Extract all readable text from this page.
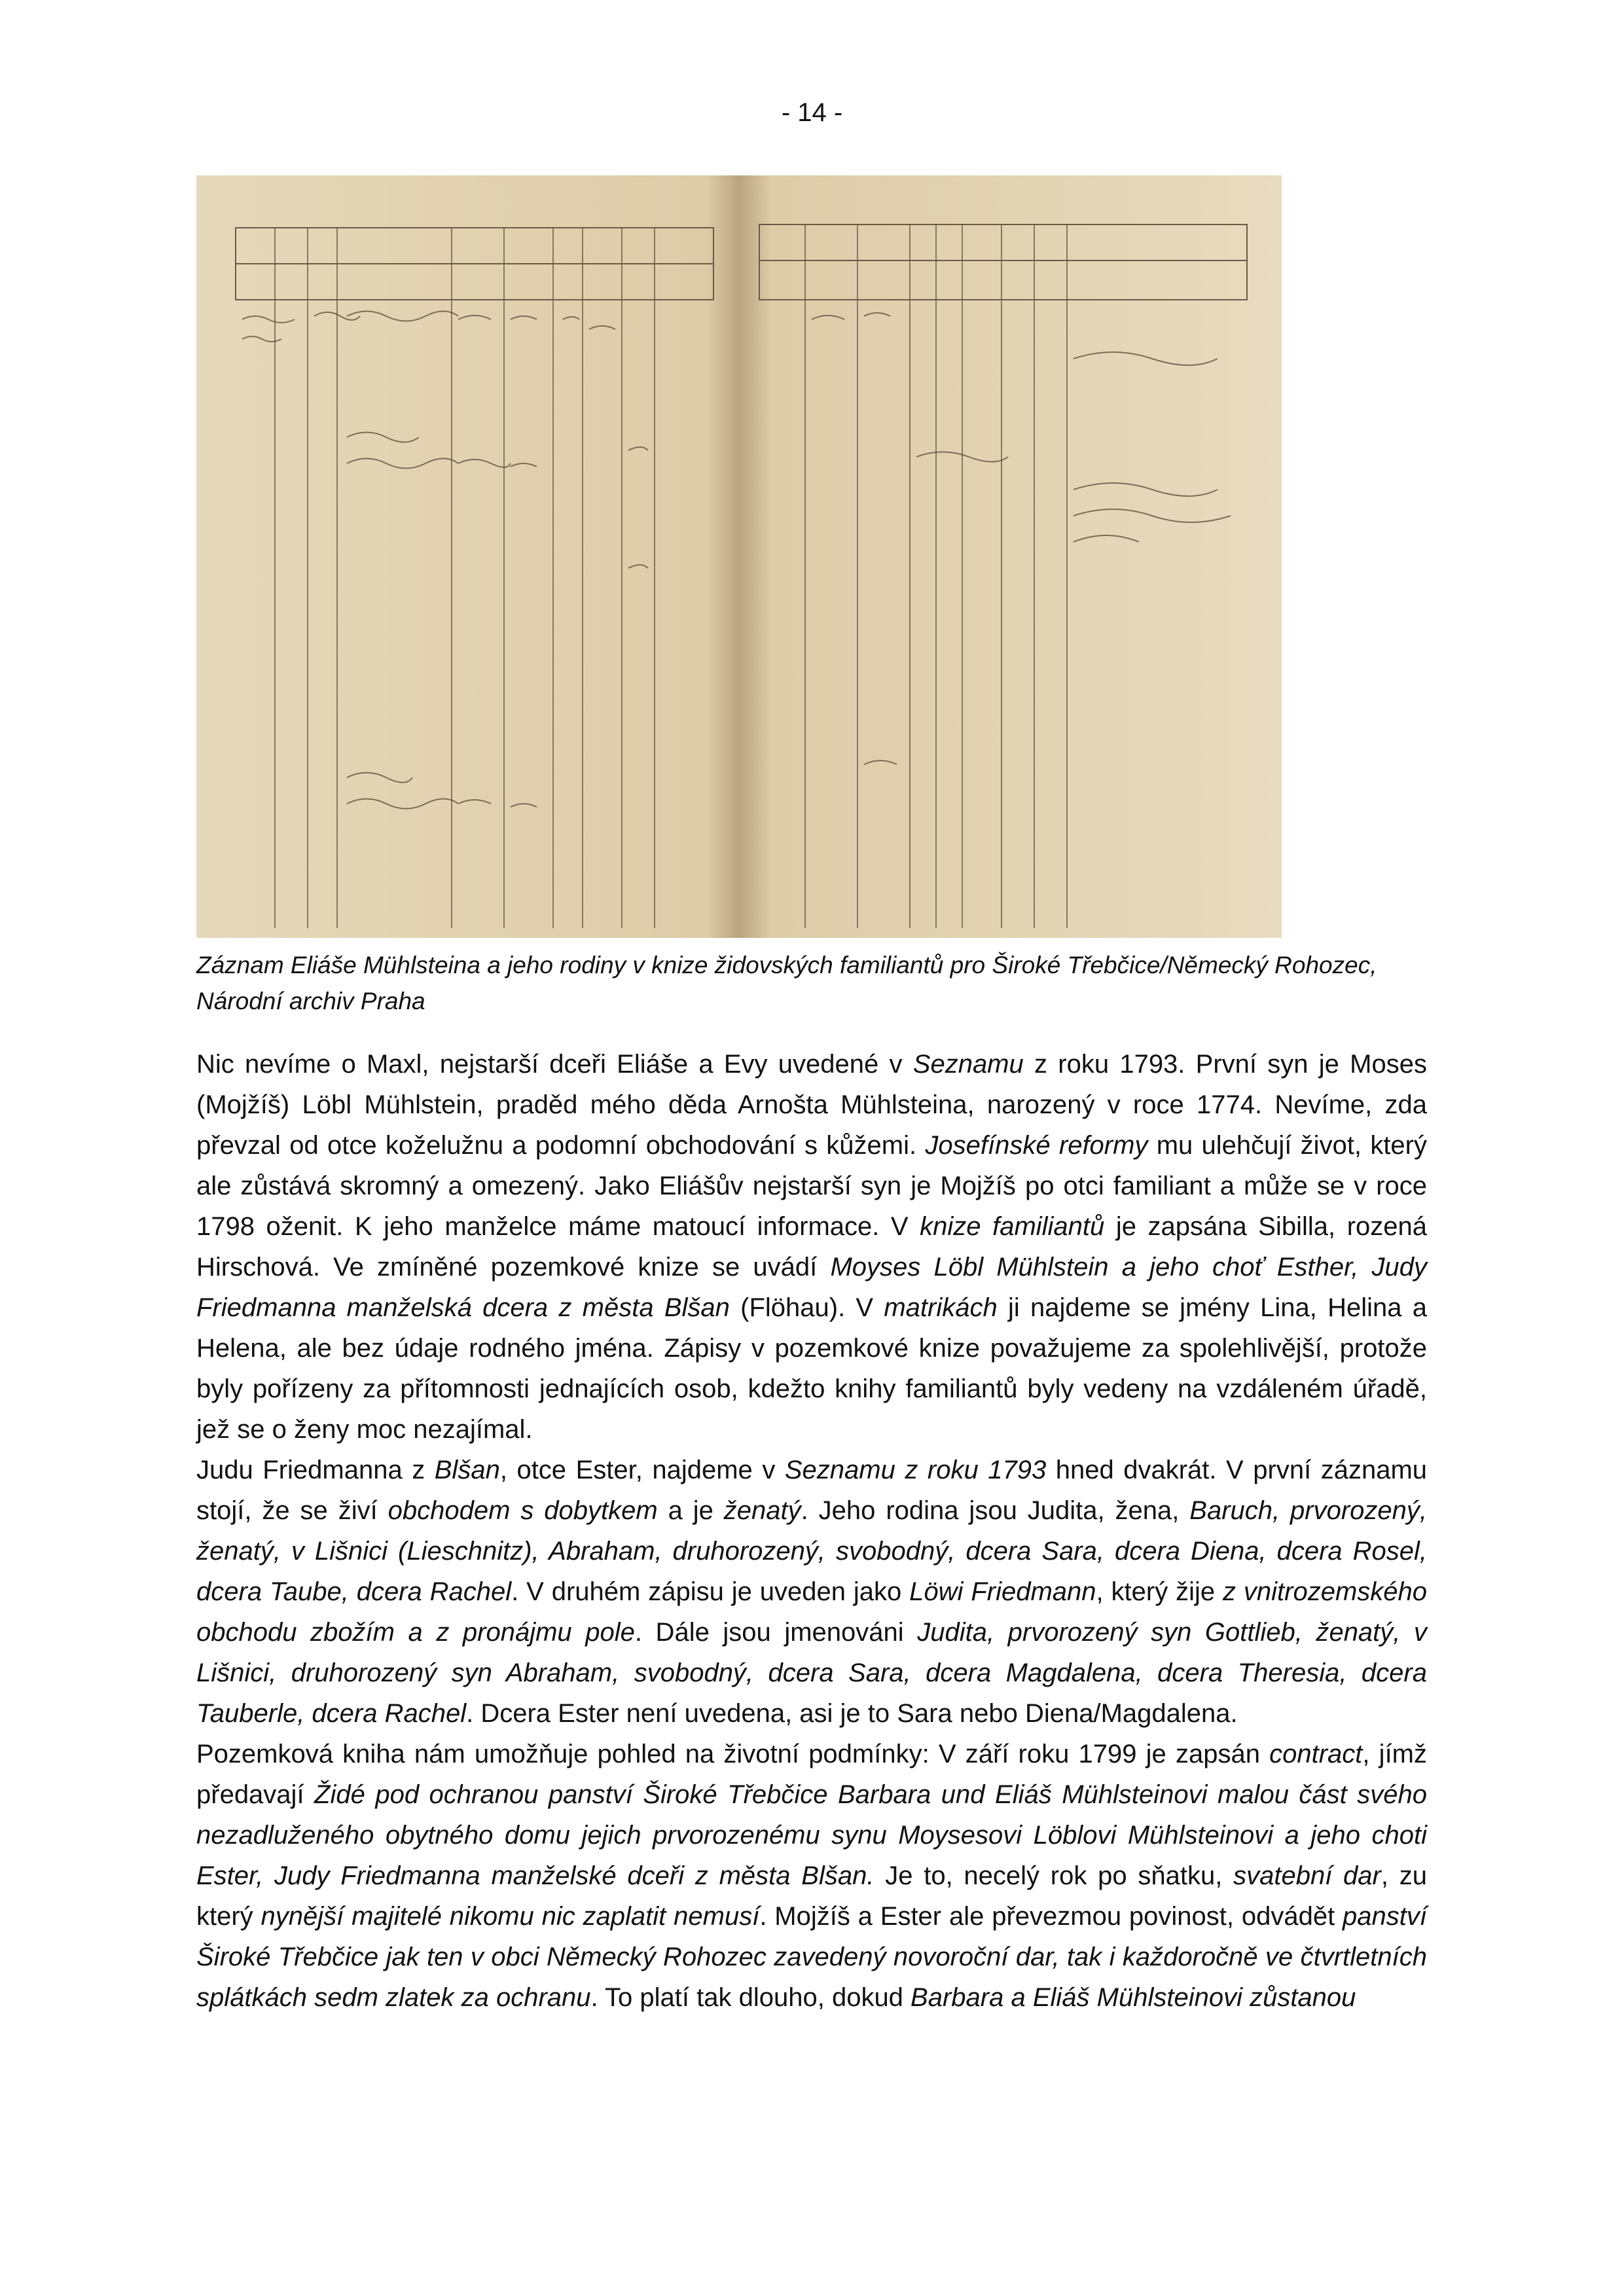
- 14 -
Záznam Eliáše Mühlsteina a jeho rodiny v knize židovských familiantů pro Široké Třebčice/Německý Rohozec, Národní archiv Praha

Nic nevíme o Maxl, nejstarší dceři Eliáše a Evy uvedené v Seznamu z roku 1793. První syn je Moses (Mojžíš) Löbl Mühlstein, praděd mého děda Arnošta Mühlsteina, narozený v roce 1774. Nevíme, zda převzal od otce koželužnu a podomní obchodování s kůžemi. Josefínské reformy mu ulehčují život, který ale zůstává skromný a omezený. Jako Eliášův nejstarší syn je Mojžíš po otci familiant a může se v roce 1798 oženit. K jeho manželce máme matoucí informace. V knize familiantů je zapsána Sibilla, rozená Hirschová. Ve zmíněné pozemkové knize se uvádí Moyses Löbl Mühlstein a jeho choť Esther, Judy Friedmanna manželská dcera z města Blšan (Flöhau). V matrikách ji najdeme se jmény Lina, Helina a Helena, ale bez údaje rodného jména. Zápisy v pozemkové knize považujeme za spolehlivější, protože byly pořízeny za přítomnosti jednajících osob, kdežto knihy familiantů byly vedeny na vzdáleném úřadě, jež se o ženy moc nezajímal.

Judu Friedmanna z Blšan, otce Ester, najdeme v Seznamu z roku 1793 hned dvakrát. V první záznamu stojí, že se živí obchodem s dobytkem a je ženatý. Jeho rodina jsou Judita, žena, Baruch, prvorozený, ženatý, v Lišnici (Lieschnitz), Abraham, druhorozený, svobodný, dcera Sara, dcera Diena, dcera Rosel, dcera Taube, dcera Rachel. V druhém zápisu je uveden jako Löwi Friedmann, který žije z vnitrozemského obchodu zbožím a z pronájmu pole. Dále jsou jmenováni Judita, prvorozený syn Gottlieb, ženatý, v Lišnici, druhorozený syn Abraham, svobodný, dcera Sara, dcera Magdalena, dcera Theresia, dcera Tauberle, dcera Rachel. Dcera Ester není uvedena, asi je to Sara nebo Diena/Magdalena.

Pozemková kniha nám umožňuje pohled na životní podmínky: V září roku 1799 je zapsán contract, jímž předavají Židé pod ochranou panství Široké Třebčice Barbara und Eliáš Mühlsteinovi malou část svého nezadluženého obytného domu jejich prvorozenému synu Moysesovi Löblovi Mühlsteinovi a jeho choti Ester, Judy Friedmanna manželské dceři z města Blšan. Je to, necelý rok po sňatku, svatební dar, zu který nynější majitelé nikomu nic zaplatit nemusí. Mojžíš a Ester ale převezmou povinost, odvádět panství Široké Třebčice jak ten v obci Německý Rohozec zavedený novoroční dar, tak i každoročně ve čtvrtletních splátkách sedm zlatek za ochranu. To platí tak dlouho, dokud Barbara a Eliáš Mühlsteinovi zůstanou
